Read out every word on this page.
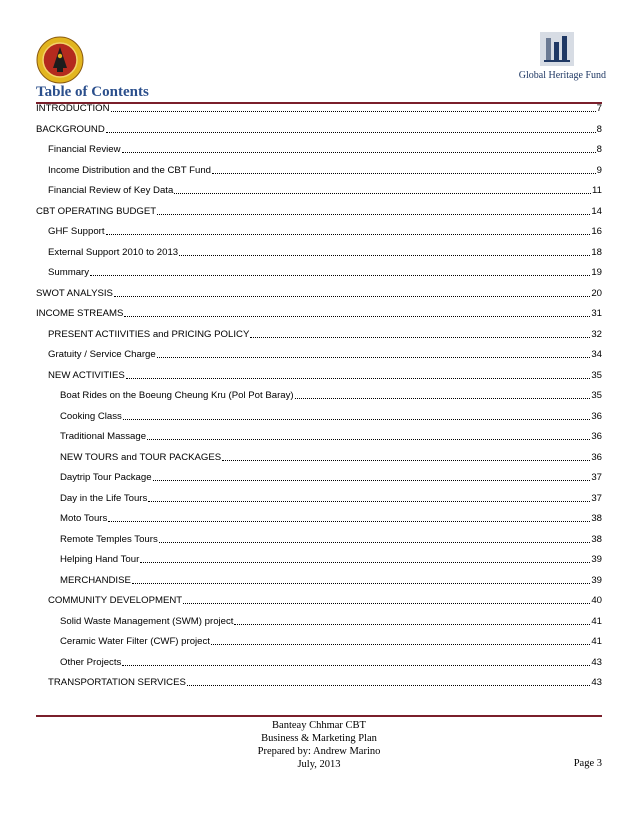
Global Heritage Fund
Table of Contents
INTRODUCTION	7
BACKGROUND	8
Financial Review	8
Income Distribution and the CBT Fund	9
Financial Review of Key Data	11
CBT OPERATING BUDGET	14
GHF Support	16
External Support 2010 to 2013	18
Summary	19
SWOT ANALYSIS	20
INCOME STREAMS	31
PRESENT ACTIIVITIES and PRICING POLICY	32
Gratuity / Service Charge	34
NEW ACTIVITIES	35
Boat Rides on the Boeung Cheung Kru (Pol Pot Baray)	35
Cooking Class	36
Traditional Massage	36
NEW TOURS and TOUR PACKAGES	36
Daytrip Tour Package	37
Day in the Life Tours	37
Moto Tours	38
Remote Temples Tours	38
Helping Hand Tour	39
MERCHANDISE	39
COMMUNITY DEVELOPMENT	40
Solid Waste Management (SWM) project	41
Ceramic Water Filter (CWF) project	41
Other Projects	43
TRANSPORTATION SERVICES	43
Banteay Chhmar CBT
Business & Marketing Plan
Prepared by: Andrew Marino
July, 2013	Page 3
